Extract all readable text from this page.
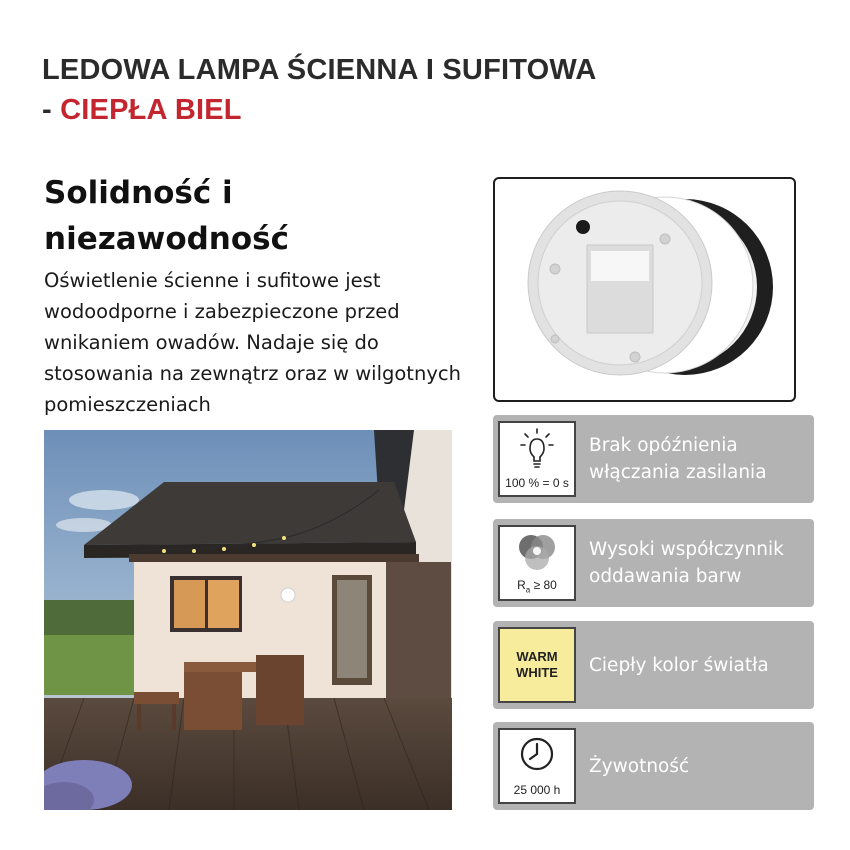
LEDOWA LAMPA ŚCIENNA I SUFITOWA
- CIEPŁA BIEL
Solidność i niezawodność
Oświetlenie ścienne i sufitowe jest wodoodporne i zabezpieczone przed wnikaniem owadów. Nadaje się do stosowania na zewnątrz oraz w wilgotnych pomieszczeniach
100 % = 0 s
Brak opóźnienia włączania zasilania
$R_a \ge 80$
Wysoki współczynnik oddawania barw
WARM
WHITE	Ciepły kolor światła
25 000 h
Żywotność
